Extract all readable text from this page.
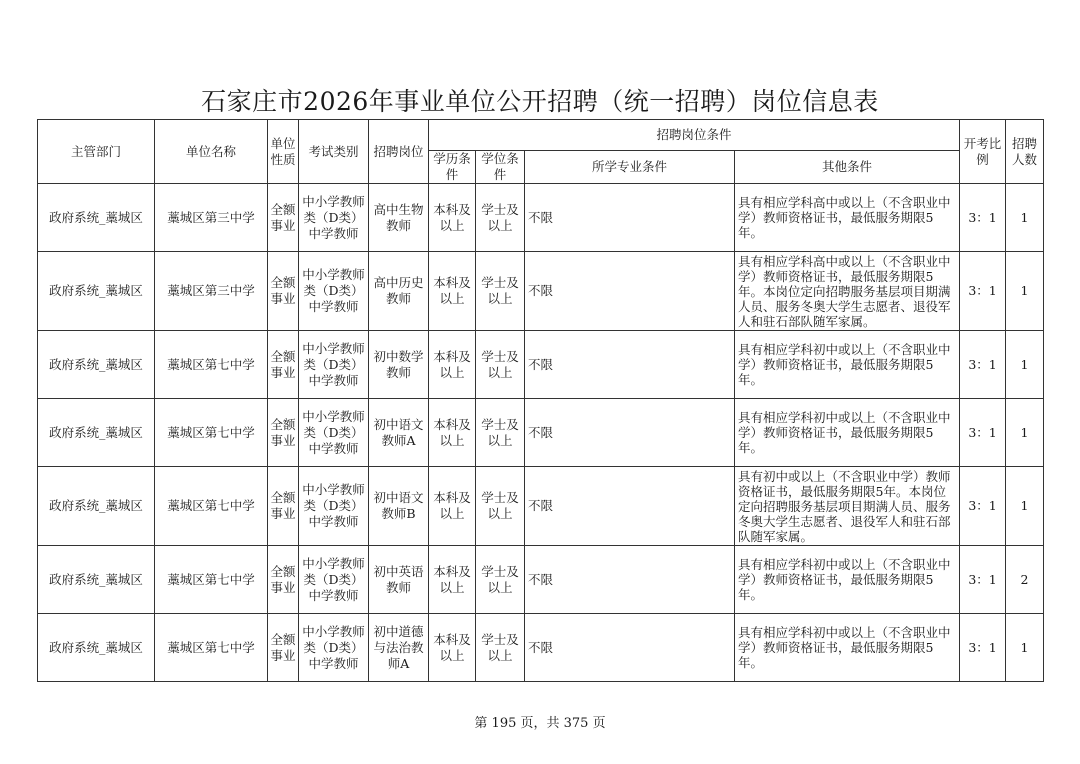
石家庄市2026年事业单位公开招聘（统一招聘）岗位信息表
主管部门	单位名称	单位性质	考试类别	招聘岗位	招聘岗位条件				开考比例	招聘人数
					学历条件	学位条件	所学专业条件	其他条件		
政府系统_藁城区	藁城区第三中学	全额事业	中小学教师类（D类）中学教师	高中生物教师	本科及以上	学士及以上	不限	具有相应学科高中或以上（不含职业中学）教师资格证书，最低服务期限5年。	3：1	1
政府系统_藁城区	藁城区第三中学	全额事业	中小学教师类（D类）中学教师	高中历史教师	本科及以上	学士及以上	不限	具有相应学科高中或以上（不含职业中学）教师资格证书，最低服务期限5年。本岗位定向招聘服务基层项目期满人员、服务冬奥大学生志愿者、退役军人和驻石部队随军家属。	3：1	1
政府系统_藁城区	藁城区第七中学	全额事业	中小学教师类（D类）中学教师	初中数学教师	本科及以上	学士及以上	不限	具有相应学科初中或以上（不含职业中学）教师资格证书，最低服务期限5年。	3：1	1
政府系统_藁城区	藁城区第七中学	全额事业	中小学教师类（D类）中学教师	初中语文教师A	本科及以上	学士及以上	不限	具有相应学科初中或以上（不含职业中学）教师资格证书，最低服务期限5年。	3：1	1
政府系统_藁城区	藁城区第七中学	全额事业	中小学教师类（D类）中学教师	初中语文教师B	本科及以上	学士及以上	不限	具有初中或以上（不含职业中学）教师资格证书，最低服务期限5年。本岗位定向招聘服务基层项目期满人员、服务冬奥大学生志愿者、退役军人和驻石部队随军家属。	3：1	1
政府系统_藁城区	藁城区第七中学	全额事业	中小学教师类（D类）中学教师	初中英语教师	本科及以上	学士及以上	不限	具有相应学科初中或以上（不含职业中学）教师资格证书，最低服务期限5年。	3：1	2
政府系统_藁城区	藁城区第七中学	全额事业	中小学教师类（D类）中学教师	初中道德与法治教师A	本科及以上	学士及以上	不限	具有相应学科初中或以上（不含职业中学）教师资格证书，最低服务期限5年。	3：1	1
第 195 页，共 375 页
